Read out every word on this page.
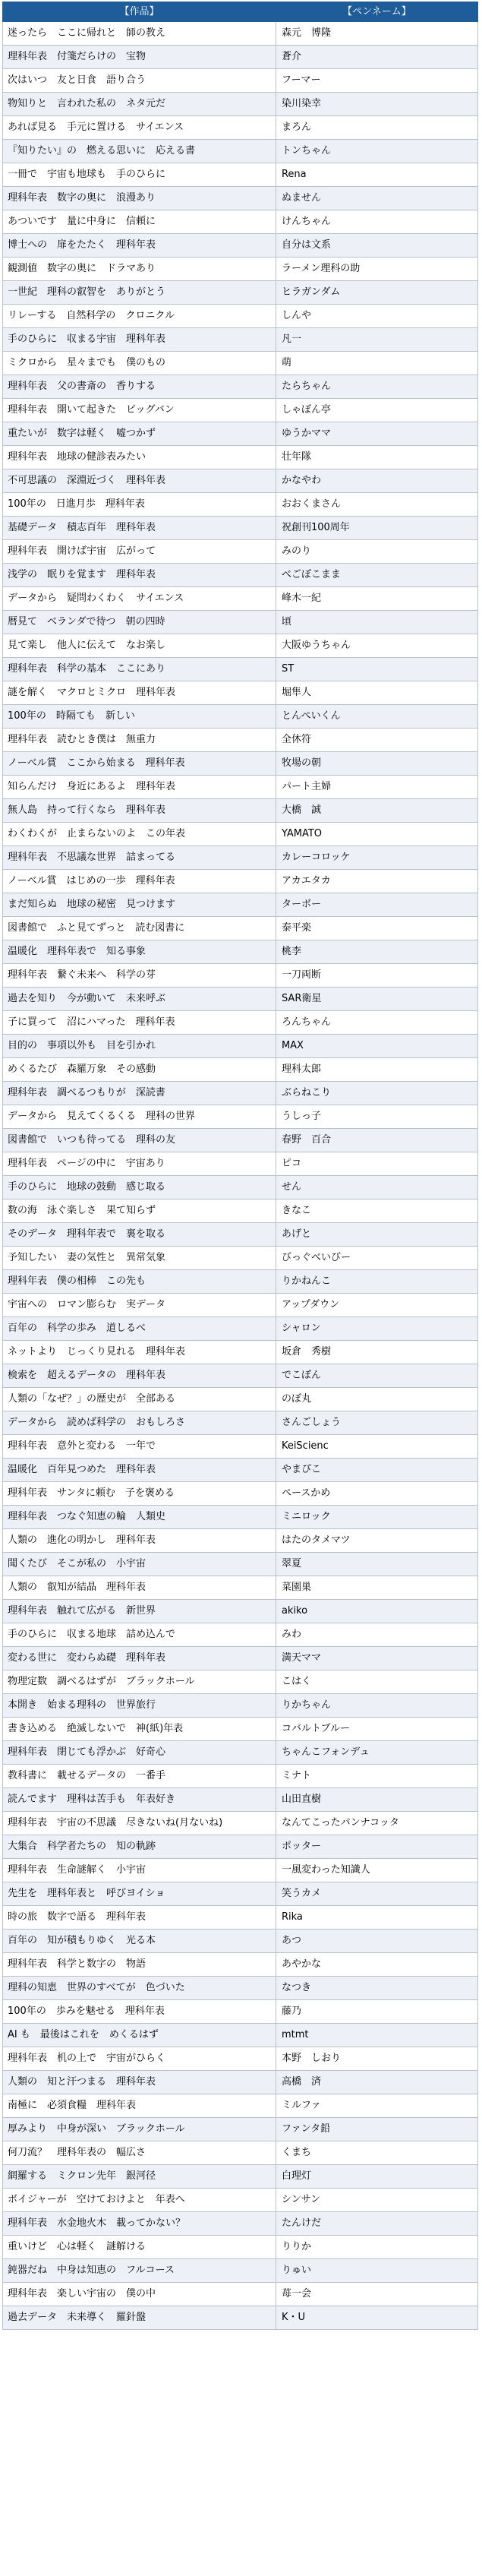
【作品】	【ペンネーム】
迷ったら　ここに帰れと　師の教え	森元　博隆
理科年表　付箋だらけの　宝物	蒼介
次はいつ　友と日食　語り合う	フーマー
物知りと　言われた私の　ネタ元だ	染川染幸
あれば見る　手元に置ける　サイエンス	まろん
『知りたい』の　燃える思いに　応える書	トンちゃん
一冊で　宇宙も地球も　手のひらに	Rena
理科年表　数字の奥に　浪漫あり	ぬません
あついです　量に中身に　信頼に	けんちゃん
博士への　扉をたたく　理科年表	自分は文系
観測値　数字の奥に　ドラマあり	ラーメン理科の助
一世紀　理科の叡智を　ありがとう	ヒラガンダム
リレーする　自然科学の　クロニクル	しんや
手のひらに　収まる宇宙　理科年表	凡一
ミクロから　星々までも　僕のもの	萌
理科年表　父の書斎の　香りする	たらちゃん
理科年表　開いて起きた　ビッグバン	しゃぼん亭
重たいが　数字は軽く　嘘つかず	ゆうかママ
理科年表　地球の健診表みたい	壮年隊
不可思議の　深淵近づく　理科年表	かなやわ
100年の　日進月歩　理科年表	おおくまさん
基礎データ　積志百年　理科年表	祝創刊100周年
理科年表　開けば宇宙　広がって	みのり
浅学の　眠りを覚ます　理科年表	べごぼこまま
データから　疑問わくわく　サイエンス	峰木一紀
暦見て　ベランダで待つ　朝の四時	頃
見て楽し　他人に伝えて　なお楽し	大阪ゆうちゃん
理科年表　科学の基本　ここにあり	ST
謎を解く　マクロとミクロ　理科年表	堀隼人
100年の　時隔ても　新しい	とんぺいくん
理科年表　読むとき僕は　無重力	全休符
ノーベル賞　ここから始まる　理科年表	牧場の朝
知らんだけ　身近にあるよ　理科年表	パート主婦
無人島　持って行くなら　理科年表	大橋　誠
わくわくが　止まらないのよ　この年表	YAMATO
理科年表　不思議な世界　詰まってる	カレーコロッケ
ノーベル賞　はじめの一歩　理科年表	アカエタカ
まだ知らぬ　地球の秘密　見つけます	ターボー
図書館で　ふと見てずっと　読む図書に	泰平楽
温暖化　理科年表で　知る事象	桃李
理科年表　繋ぐ未来へ　科学の芽	一刀両断
過去を知り　今が動いて　未来呼ぶ	SAR衛星
子に買って　沼にハマった　理科年表	ろんちゃん
目的の　事項以外も　目を引かれ	MAX
めくるたび　森羅万象　その感動	理科太郎
理科年表　調べるつもりが　深読書	ぶらねこり
データから　見えてくるくる　理科の世界	うしっ子
図書館で　いつも待ってる　理科の友	春野　百合
理科年表　ページの中に　宇宙あり	ピコ
手のひらに　地球の鼓動　感じ取る	せん
数の海　泳ぐ楽しさ　果て知らず	きなこ
そのデータ　理科年表で　裏を取る	あげと
予知したい　妻の気性と　異常気象	びっぐべいびー
理科年表　僕の相棒　この先も	りかねんこ
宇宙への　ロマン膨らむ　実データ	アップダウン
百年の　科学の歩み　道しるべ	シャロン
ネットより　じっくり見れる　理科年表	坂倉　秀樹
検索を　超えるデータの　理科年表	でこぼん
人類の「なぜ？」の歴史が　全部ある	のぼ丸
データから　読めば科学の　おもしろさ	さんごしょう
理科年表　意外と変わる　一年で	KeiScienc
温暖化　百年見つめた　理科年表	やまぴこ
理科年表　サンタに頼む　子を褒める	ペースかめ
理科年表　つなぐ知恵の輪　人類史	ミニロック
人類の　進化の明かし　理科年表	はたのタメマツ
聞くたび　そこが私の　小宇宙	翠夏
人類の　叡知が結晶　理科年表	菜園巣
理科年表　触れて広がる　新世界	akiko
手のひらに　収まる地球　詰め込んで	みわ
変わる世に　変わらぬ礎　理科年表	満天ママ
物理定数　調べるはずが　ブラックホール	こはく
本開き　始まる理科の　世界旅行	りかちゃん
書き込める　絶滅しないで　神(紙)年表	コバルトブルー
理科年表　閉じても浮かぶ　好奇心	ちゃんこフォンデュ
教科書に　載せるデータの　一番手	ミナト
読んでます　理科は苦手も　年表好き	山田直樹
理科年表　宇宙の不思議　尽きないね(月ないね)	なんてこったパンナコッタ
大集合　科学者たちの　知の軌跡	ポッター
理科年表　生命謎解く　小宇宙	一風変わった知識人
先生を　理科年表と　呼びヨイショ	笑うカメ
時の旅　数字で語る　理科年表	Rika
百年の　知が積もりゆく　光る本	あつ
理科年表　科学と数字の　物語	あやかな
理科の知恵　世界のすべてが　色づいた	なつき
100年の　歩みを魅せる　理科年表	藤乃
AI も　最後はこれを　めくるはず	mtmt
理科年表　机の上で　宇宙がひらく	本野　しおり
人類の　知と汗つまる　理科年表	高橋　済
南極に　必須食糧　理科年表	ミルファ
厚みより　中身が深い　ブラックホール	ファンタ鉛
何刀流？　理科年表の　幅広さ	くまち
網羅する　ミクロン先年　銀河径	白理灯
ボイジャーが　空けておけよと　年表へ	シンサン
理科年表　水金地火木　載ってかない？	たんけだ
重いけど　心は軽く　謎解ける	りりか
鈍器だね　中身は知恵の　フルコース	りゅい
理科年表　楽しい宇宙の　僕の中	苺一会
過去データ　未来導く　羅針盤	K・U
